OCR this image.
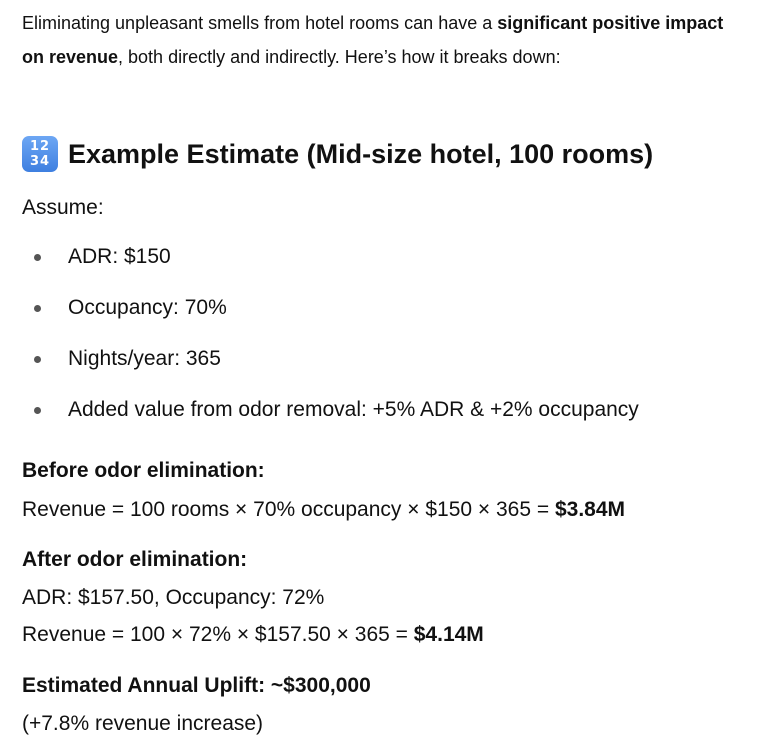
Eliminating unpleasant smells from hotel rooms can have a significant positive impact on revenue, both directly and indirectly. Here’s how it breaks down:

12
34 Example Estimate (Mid-size hotel, 100 rooms)

Assume:

ADR: $150
Occupancy: 70%
Nights/year: 365
Added value from odor removal: +5% ADR & +2% occupancy

Before odor elimination:

Revenue = 100 rooms × 70% occupancy × $150 × 365 = $3.84M

After odor elimination:

ADR: $157.50, Occupancy: 72%

Revenue = 100 × 72% × $157.50 × 365 = $4.14M

Estimated Annual Uplift: ~$300,000

(+7.8% revenue increase)
